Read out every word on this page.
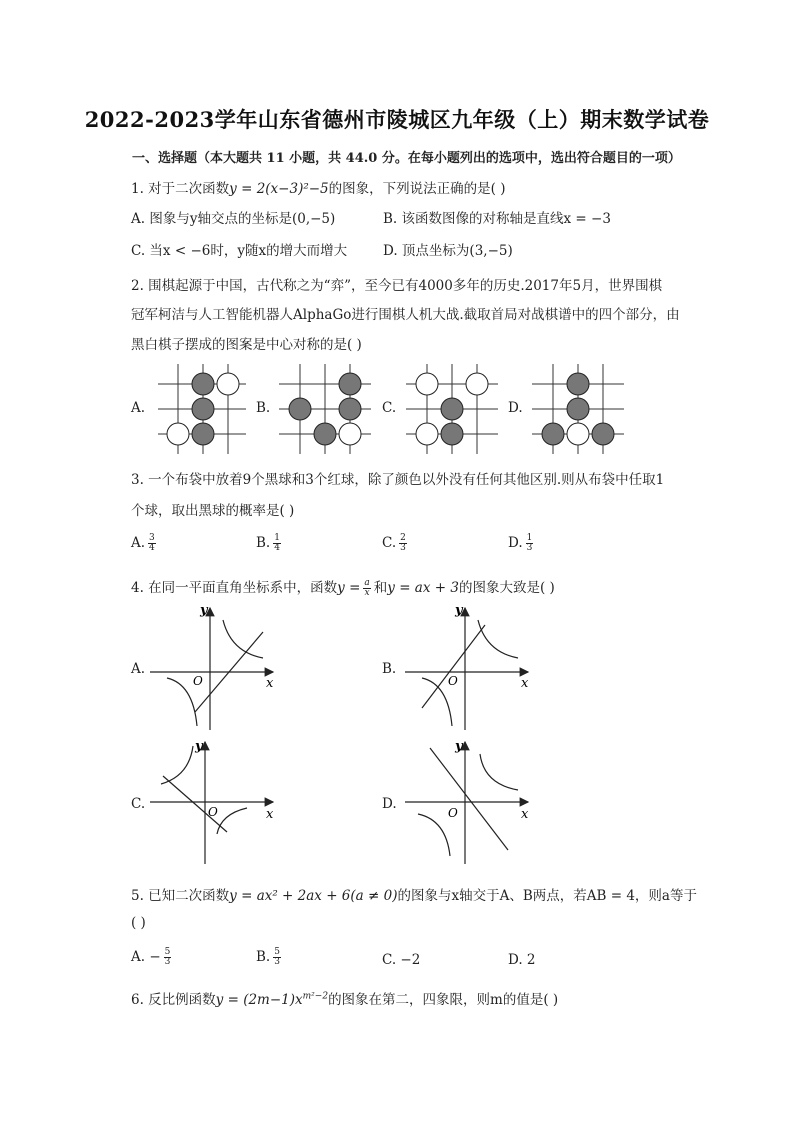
2022-2023学年山东省德州市陵城区九年级（上）期末数学试卷
一、选择题（本大题共 11 小题，共 44.0 分。在每小题列出的选项中，选出符合题目的一项）
1. 对于二次函数y = 2(x−3)²−5的图象，下列说法正确的是( )
A. 图象与y轴交点的坐标是(0,−5)	B. 该函数图像的对称轴是直线x = −3
C. 当x < −6时，y随x的增大而增大	D. 顶点坐标为(3,−5)
2. 围棋起源于中国，古代称之为“弈”，至今已有4000多年的历史.2017年5月，世界围棋
冠军柯洁与人工智能机器人AlphaGo进行围棋人机大战.截取首局对战棋谱中的四个部分，由
黑白棋子摆成的图案是中心对称的是( )
A.	B.	C.	D.
3. 一个布袋中放着9个黑球和3个红球，除了颜色以外没有任何其他区别.则从布袋中任取1
个球，取出黑球的概率是( )
A. $\frac{3}{4}$	B. $\frac{1}{4}$	C. $\frac{2}{3}$	D. $\frac{1}{3}$
4. 在同一平面直角坐标系中，函数$y = \frac{a}{x}$ 和y = ax + 3的图象大致是( )
A.	B.
C.	D.
y
x
O
y
x
O
y
x
O
y
x
O
5. 已知二次函数y = ax² + 2ax + 6(a ≠ 0)的图象与x轴交于A、B两点，若AB = 4，则a等于
( )
A. − $\frac{5}{3}$	B. $\frac{5}{3}$	C. −2	D. 2
6. 反比例函数$y = (2m-1)x^{m^2-2}$的图象在第二，四象限，则m的值是( )
